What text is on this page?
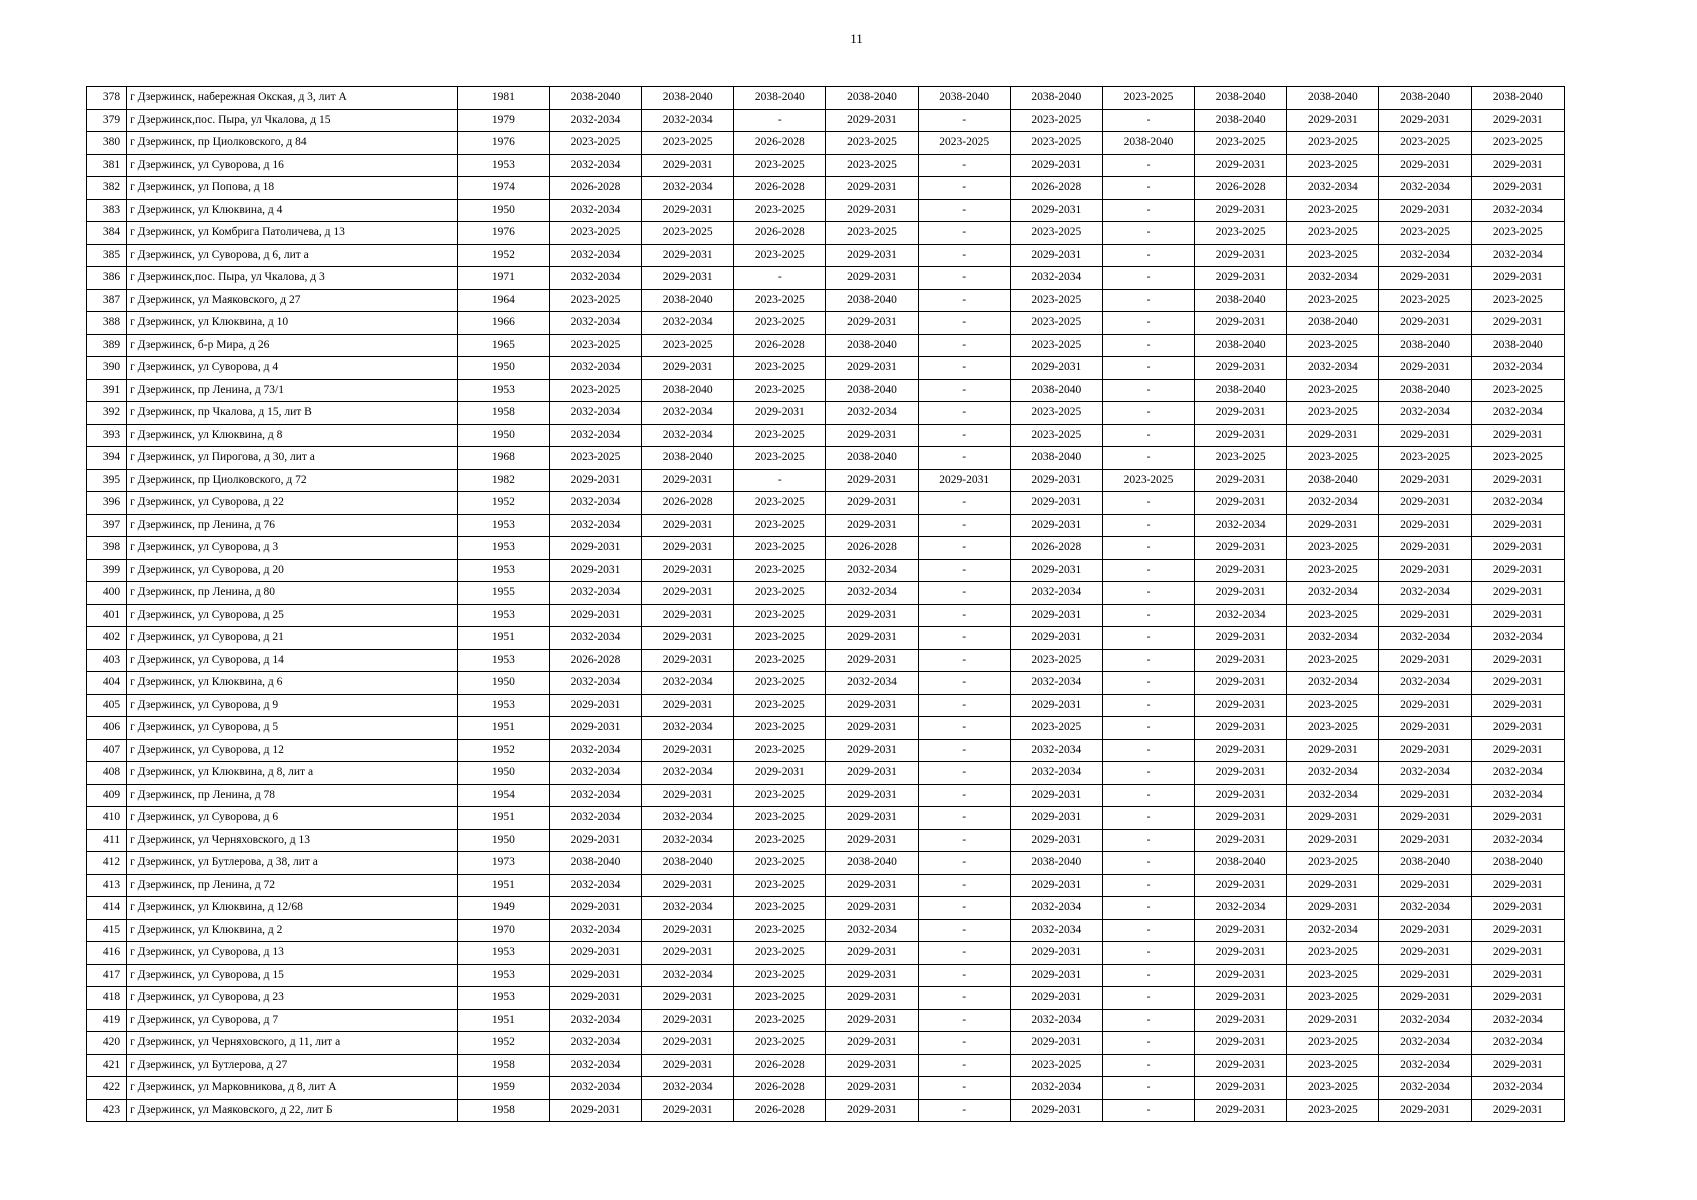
11
378	г Дзержинск, набережная Окская, д 3, лит А	1981	2038-2040	2038-2040	2038-2040	2038-2040	2038-2040	2038-2040	2023-2025	2038-2040	2038-2040	2038-2040	2038-2040
379	г Дзержинск,пос. Пыра, ул Чкалова, д 15	1979	2032-2034	2032-2034	-	2029-2031	-	2023-2025	-	2038-2040	2029-2031	2029-2031	2029-2031
380	г Дзержинск, пр Циолковского, д 84	1976	2023-2025	2023-2025	2026-2028	2023-2025	2023-2025	2023-2025	2038-2040	2023-2025	2023-2025	2023-2025	2023-2025
381	г Дзержинск, ул Суворова, д 16	1953	2032-2034	2029-2031	2023-2025	2023-2025	-	2029-2031	-	2029-2031	2023-2025	2029-2031	2029-2031
382	г Дзержинск, ул Попова, д 18	1974	2026-2028	2032-2034	2026-2028	2029-2031	-	2026-2028	-	2026-2028	2032-2034	2032-2034	2029-2031
383	г Дзержинск, ул Клюквина, д 4	1950	2032-2034	2029-2031	2023-2025	2029-2031	-	2029-2031	-	2029-2031	2023-2025	2029-2031	2032-2034
384	г Дзержинск, ул Комбрига Патоличева, д 13	1976	2023-2025	2023-2025	2026-2028	2023-2025	-	2023-2025	-	2023-2025	2023-2025	2023-2025	2023-2025
385	г Дзержинск, ул Суворова, д 6, лит а	1952	2032-2034	2029-2031	2023-2025	2029-2031	-	2029-2031	-	2029-2031	2023-2025	2032-2034	2032-2034
386	г Дзержинск,пос. Пыра, ул Чкалова, д 3	1971	2032-2034	2029-2031	-	2029-2031	-	2032-2034	-	2029-2031	2032-2034	2029-2031	2029-2031
387	г Дзержинск, ул Маяковского, д 27	1964	2023-2025	2038-2040	2023-2025	2038-2040	-	2023-2025	-	2038-2040	2023-2025	2023-2025	2023-2025
388	г Дзержинск, ул Клюквина, д 10	1966	2032-2034	2032-2034	2023-2025	2029-2031	-	2023-2025	-	2029-2031	2038-2040	2029-2031	2029-2031
389	г Дзержинск, б-р Мира, д 26	1965	2023-2025	2023-2025	2026-2028	2038-2040	-	2023-2025	-	2038-2040	2023-2025	2038-2040	2038-2040
390	г Дзержинск, ул Суворова, д 4	1950	2032-2034	2029-2031	2023-2025	2029-2031	-	2029-2031	-	2029-2031	2032-2034	2029-2031	2032-2034
391	г Дзержинск, пр Ленина, д 73/1	1953	2023-2025	2038-2040	2023-2025	2038-2040	-	2038-2040	-	2038-2040	2023-2025	2038-2040	2023-2025
392	г Дзержинск, пр Чкалова, д 15, лит В	1958	2032-2034	2032-2034	2029-2031	2032-2034	-	2023-2025	-	2029-2031	2023-2025	2032-2034	2032-2034
393	г Дзержинск, ул Клюквина, д 8	1950	2032-2034	2032-2034	2023-2025	2029-2031	-	2023-2025	-	2029-2031	2029-2031	2029-2031	2029-2031
394	г Дзержинск, ул Пирогова, д 30, лит а	1968	2023-2025	2038-2040	2023-2025	2038-2040	-	2038-2040	-	2023-2025	2023-2025	2023-2025	2023-2025
395	г Дзержинск, пр Циолковского, д 72	1982	2029-2031	2029-2031	-	2029-2031	2029-2031	2029-2031	2023-2025	2029-2031	2038-2040	2029-2031	2029-2031
396	г Дзержинск, ул Суворова, д 22	1952	2032-2034	2026-2028	2023-2025	2029-2031	-	2029-2031	-	2029-2031	2032-2034	2029-2031	2032-2034
397	г Дзержинск, пр Ленина, д 76	1953	2032-2034	2029-2031	2023-2025	2029-2031	-	2029-2031	-	2032-2034	2029-2031	2029-2031	2029-2031
398	г Дзержинск, ул Суворова, д 3	1953	2029-2031	2029-2031	2023-2025	2026-2028	-	2026-2028	-	2029-2031	2023-2025	2029-2031	2029-2031
399	г Дзержинск, ул Суворова, д 20	1953	2029-2031	2029-2031	2023-2025	2032-2034	-	2029-2031	-	2029-2031	2023-2025	2029-2031	2029-2031
400	г Дзержинск, пр Ленина, д 80	1955	2032-2034	2029-2031	2023-2025	2032-2034	-	2032-2034	-	2029-2031	2032-2034	2032-2034	2029-2031
401	г Дзержинск, ул Суворова, д 25	1953	2029-2031	2029-2031	2023-2025	2029-2031	-	2029-2031	-	2032-2034	2023-2025	2029-2031	2029-2031
402	г Дзержинск, ул Суворова, д 21	1951	2032-2034	2029-2031	2023-2025	2029-2031	-	2029-2031	-	2029-2031	2032-2034	2032-2034	2032-2034
403	г Дзержинск, ул Суворова, д 14	1953	2026-2028	2029-2031	2023-2025	2029-2031	-	2023-2025	-	2029-2031	2023-2025	2029-2031	2029-2031
404	г Дзержинск, ул Клюквина, д 6	1950	2032-2034	2032-2034	2023-2025	2032-2034	-	2032-2034	-	2029-2031	2032-2034	2032-2034	2029-2031
405	г Дзержинск, ул Суворова, д 9	1953	2029-2031	2029-2031	2023-2025	2029-2031	-	2029-2031	-	2029-2031	2023-2025	2029-2031	2029-2031
406	г Дзержинск, ул Суворова, д 5	1951	2029-2031	2032-2034	2023-2025	2029-2031	-	2023-2025	-	2029-2031	2023-2025	2029-2031	2029-2031
407	г Дзержинск, ул Суворова, д 12	1952	2032-2034	2029-2031	2023-2025	2029-2031	-	2032-2034	-	2029-2031	2029-2031	2029-2031	2029-2031
408	г Дзержинск, ул Клюквина, д 8, лит а	1950	2032-2034	2032-2034	2029-2031	2029-2031	-	2032-2034	-	2029-2031	2032-2034	2032-2034	2032-2034
409	г Дзержинск, пр Ленина, д 78	1954	2032-2034	2029-2031	2023-2025	2029-2031	-	2029-2031	-	2029-2031	2032-2034	2029-2031	2032-2034
410	г Дзержинск, ул Суворова, д 6	1951	2032-2034	2032-2034	2023-2025	2029-2031	-	2029-2031	-	2029-2031	2029-2031	2029-2031	2029-2031
411	г Дзержинск, ул Черняховского, д 13	1950	2029-2031	2032-2034	2023-2025	2029-2031	-	2029-2031	-	2029-2031	2029-2031	2029-2031	2032-2034
412	г Дзержинск, ул Бутлерова, д 38, лит а	1973	2038-2040	2038-2040	2023-2025	2038-2040	-	2038-2040	-	2038-2040	2023-2025	2038-2040	2038-2040
413	г Дзержинск, пр Ленина, д 72	1951	2032-2034	2029-2031	2023-2025	2029-2031	-	2029-2031	-	2029-2031	2029-2031	2029-2031	2029-2031
414	г Дзержинск, ул Клюквина, д 12/68	1949	2029-2031	2032-2034	2023-2025	2029-2031	-	2032-2034	-	2032-2034	2029-2031	2032-2034	2029-2031
415	г Дзержинск, ул Клюквина, д 2	1970	2032-2034	2029-2031	2023-2025	2032-2034	-	2032-2034	-	2029-2031	2032-2034	2029-2031	2029-2031
416	г Дзержинск, ул Суворова, д 13	1953	2029-2031	2029-2031	2023-2025	2029-2031	-	2029-2031	-	2029-2031	2023-2025	2029-2031	2029-2031
417	г Дзержинск, ул Суворова, д 15	1953	2029-2031	2032-2034	2023-2025	2029-2031	-	2029-2031	-	2029-2031	2023-2025	2029-2031	2029-2031
418	г Дзержинск, ул Суворова, д 23	1953	2029-2031	2029-2031	2023-2025	2029-2031	-	2029-2031	-	2029-2031	2023-2025	2029-2031	2029-2031
419	г Дзержинск, ул Суворова, д 7	1951	2032-2034	2029-2031	2023-2025	2029-2031	-	2032-2034	-	2029-2031	2029-2031	2032-2034	2032-2034
420	г Дзержинск, ул Черняховского, д 11, лит а	1952	2032-2034	2029-2031	2023-2025	2029-2031	-	2029-2031	-	2029-2031	2023-2025	2032-2034	2032-2034
421	г Дзержинск, ул Бутлерова, д 27	1958	2032-2034	2029-2031	2026-2028	2029-2031	-	2023-2025	-	2029-2031	2023-2025	2032-2034	2029-2031
422	г Дзержинск, ул Марковникова, д 8, лит А	1959	2032-2034	2032-2034	2026-2028	2029-2031	-	2032-2034	-	2029-2031	2023-2025	2032-2034	2032-2034
423	г Дзержинск, ул Маяковского, д 22, лит Б	1958	2029-2031	2029-2031	2026-2028	2029-2031	-	2029-2031	-	2029-2031	2023-2025	2029-2031	2029-2031
